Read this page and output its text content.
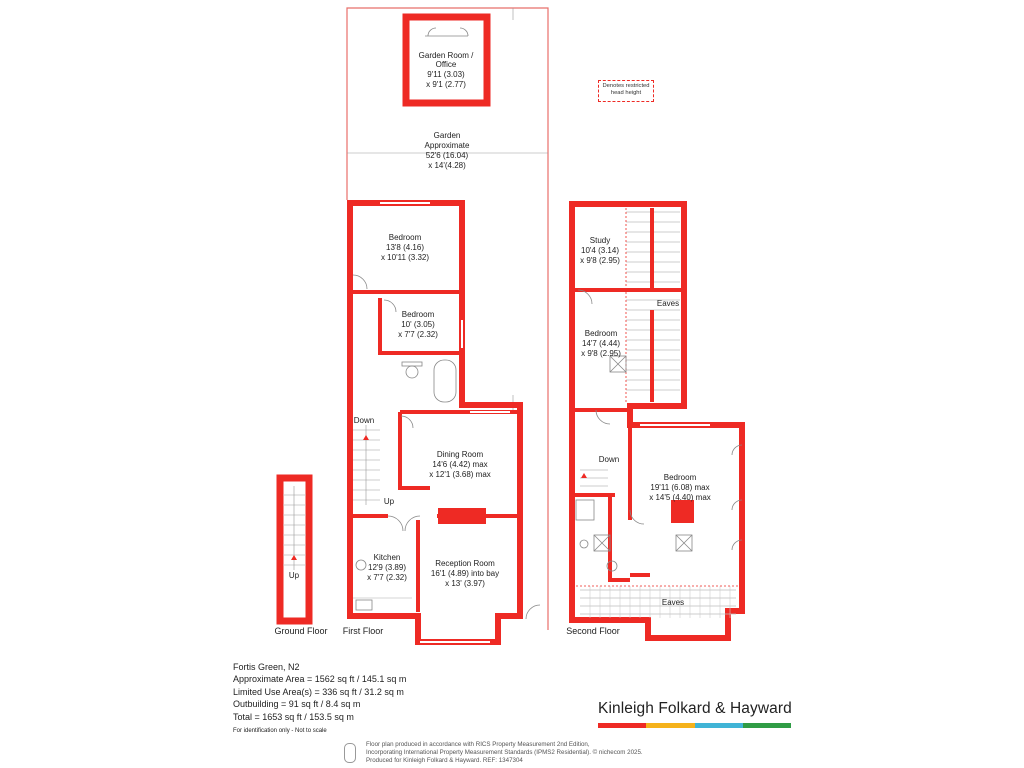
Garden Room /
Office
9'11 (3.03)
x 9'1 (2.77)
Garden
Approximate
52'6 (16.04)
x 14'(4.28)
Bedroom
13'8 (4.16)
x 10'11 (3.32)
Bedroom
10' (3.05)
x 7'7 (2.32)
Dining Room
14'6 (4.42) max
x 12'1 (3.68) max
Kitchen
12'9 (3.89)
x 7'7 (2.32)
Reception Room
16'1 (4.89) into bay
x 13' (3.97)
Study
10'4 (3.14)
x 9'8 (2.95)
Bedroom
14'7 (4.44)
x 9'8 (2.95)
Bedroom
19'11 (6.08) max
x 14'5 (4.40) max
Down
Up
Up
Down
Eaves
Eaves
Ground Floor First Floor	Second Floor
Denotes restricted head height
Fortis Green, N2
Approximate Area = 1562 sq ft / 145.1 sq m
Limited Use Area(s) = 336 sq ft / 31.2 sq m
Outbuilding = 91 sq ft / 8.4 sq m
Total = 1653 sq ft / 153.5 sq m
For identification only - Not to scale
Kinleigh Folkard & Hayward
Floor plan produced in accordance with RICS Property Measurement 2nd Edition,
Incorporating International Property Measurement Standards (IPMS2 Residential). © nichecom 2025.
Produced for Kinleigh Folkard & Hayward. REF: 1347304
